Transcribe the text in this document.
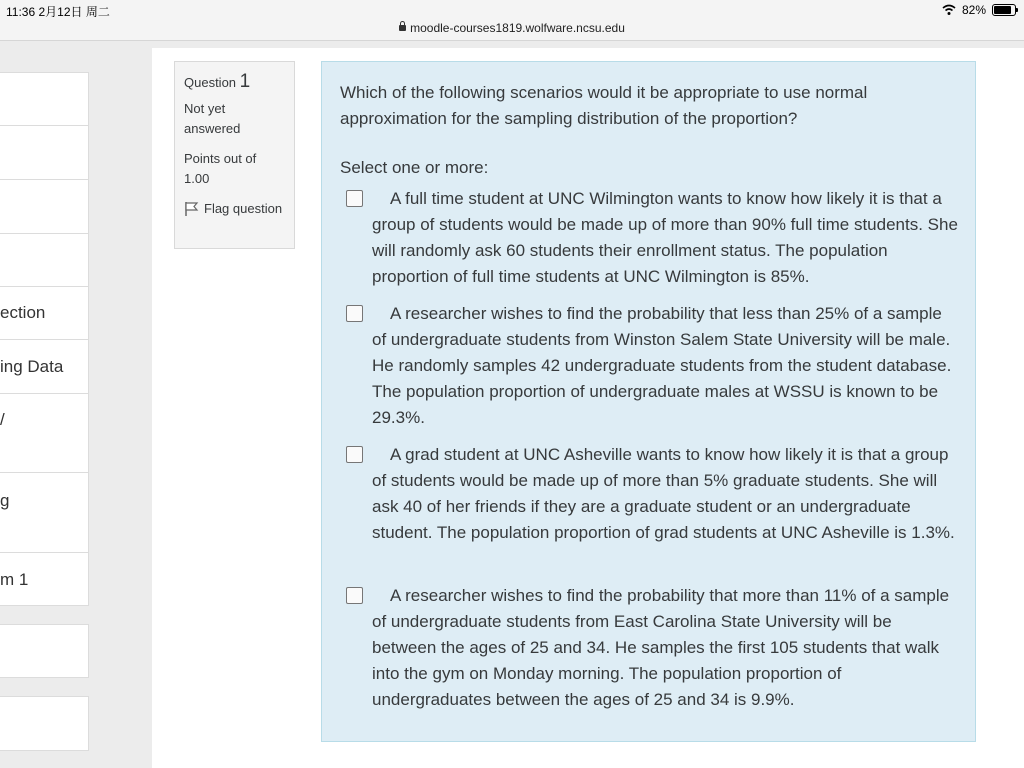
11:36 2月12日 周二	82%
moodle-courses1819.wolfware.ncsu.edu
ection
ing Data
/
g
m 1
Question 1
Not yet answered
Points out of 1.00
Flag question
Which of the following scenarios would it be appropriate to use normal approximation for the sampling distribution of the proportion?
Select one or more:
A full time student at UNC Wilmington wants to know how likely it is that a group of students would be made up of more than 90% full time students. She will randomly ask 60 students their enrollment status. The population proportion of full time students at UNC Wilmington is 85%.
A researcher wishes to find the probability that less than 25% of a sample of undergraduate students from Winston Salem State University will be male. He randomly samples 42 undergraduate students from the student database. The population proportion of undergraduate males at WSSU is known to be 29.3%.
A grad student at UNC Asheville wants to know how likely it is that a group of students would be made up of more than 5% graduate students. She will ask 40 of her friends if they are a graduate student or an undergraduate student. The population proportion of grad students at UNC Asheville is 1.3%.
A researcher wishes to find the probability that more than 11% of a sample of undergraduate students from East Carolina State University will be between the ages of 25 and 34. He samples the first 105 students that walk into the gym on Monday morning. The population proportion of undergraduates between the ages of 25 and 34 is 9.9%.
